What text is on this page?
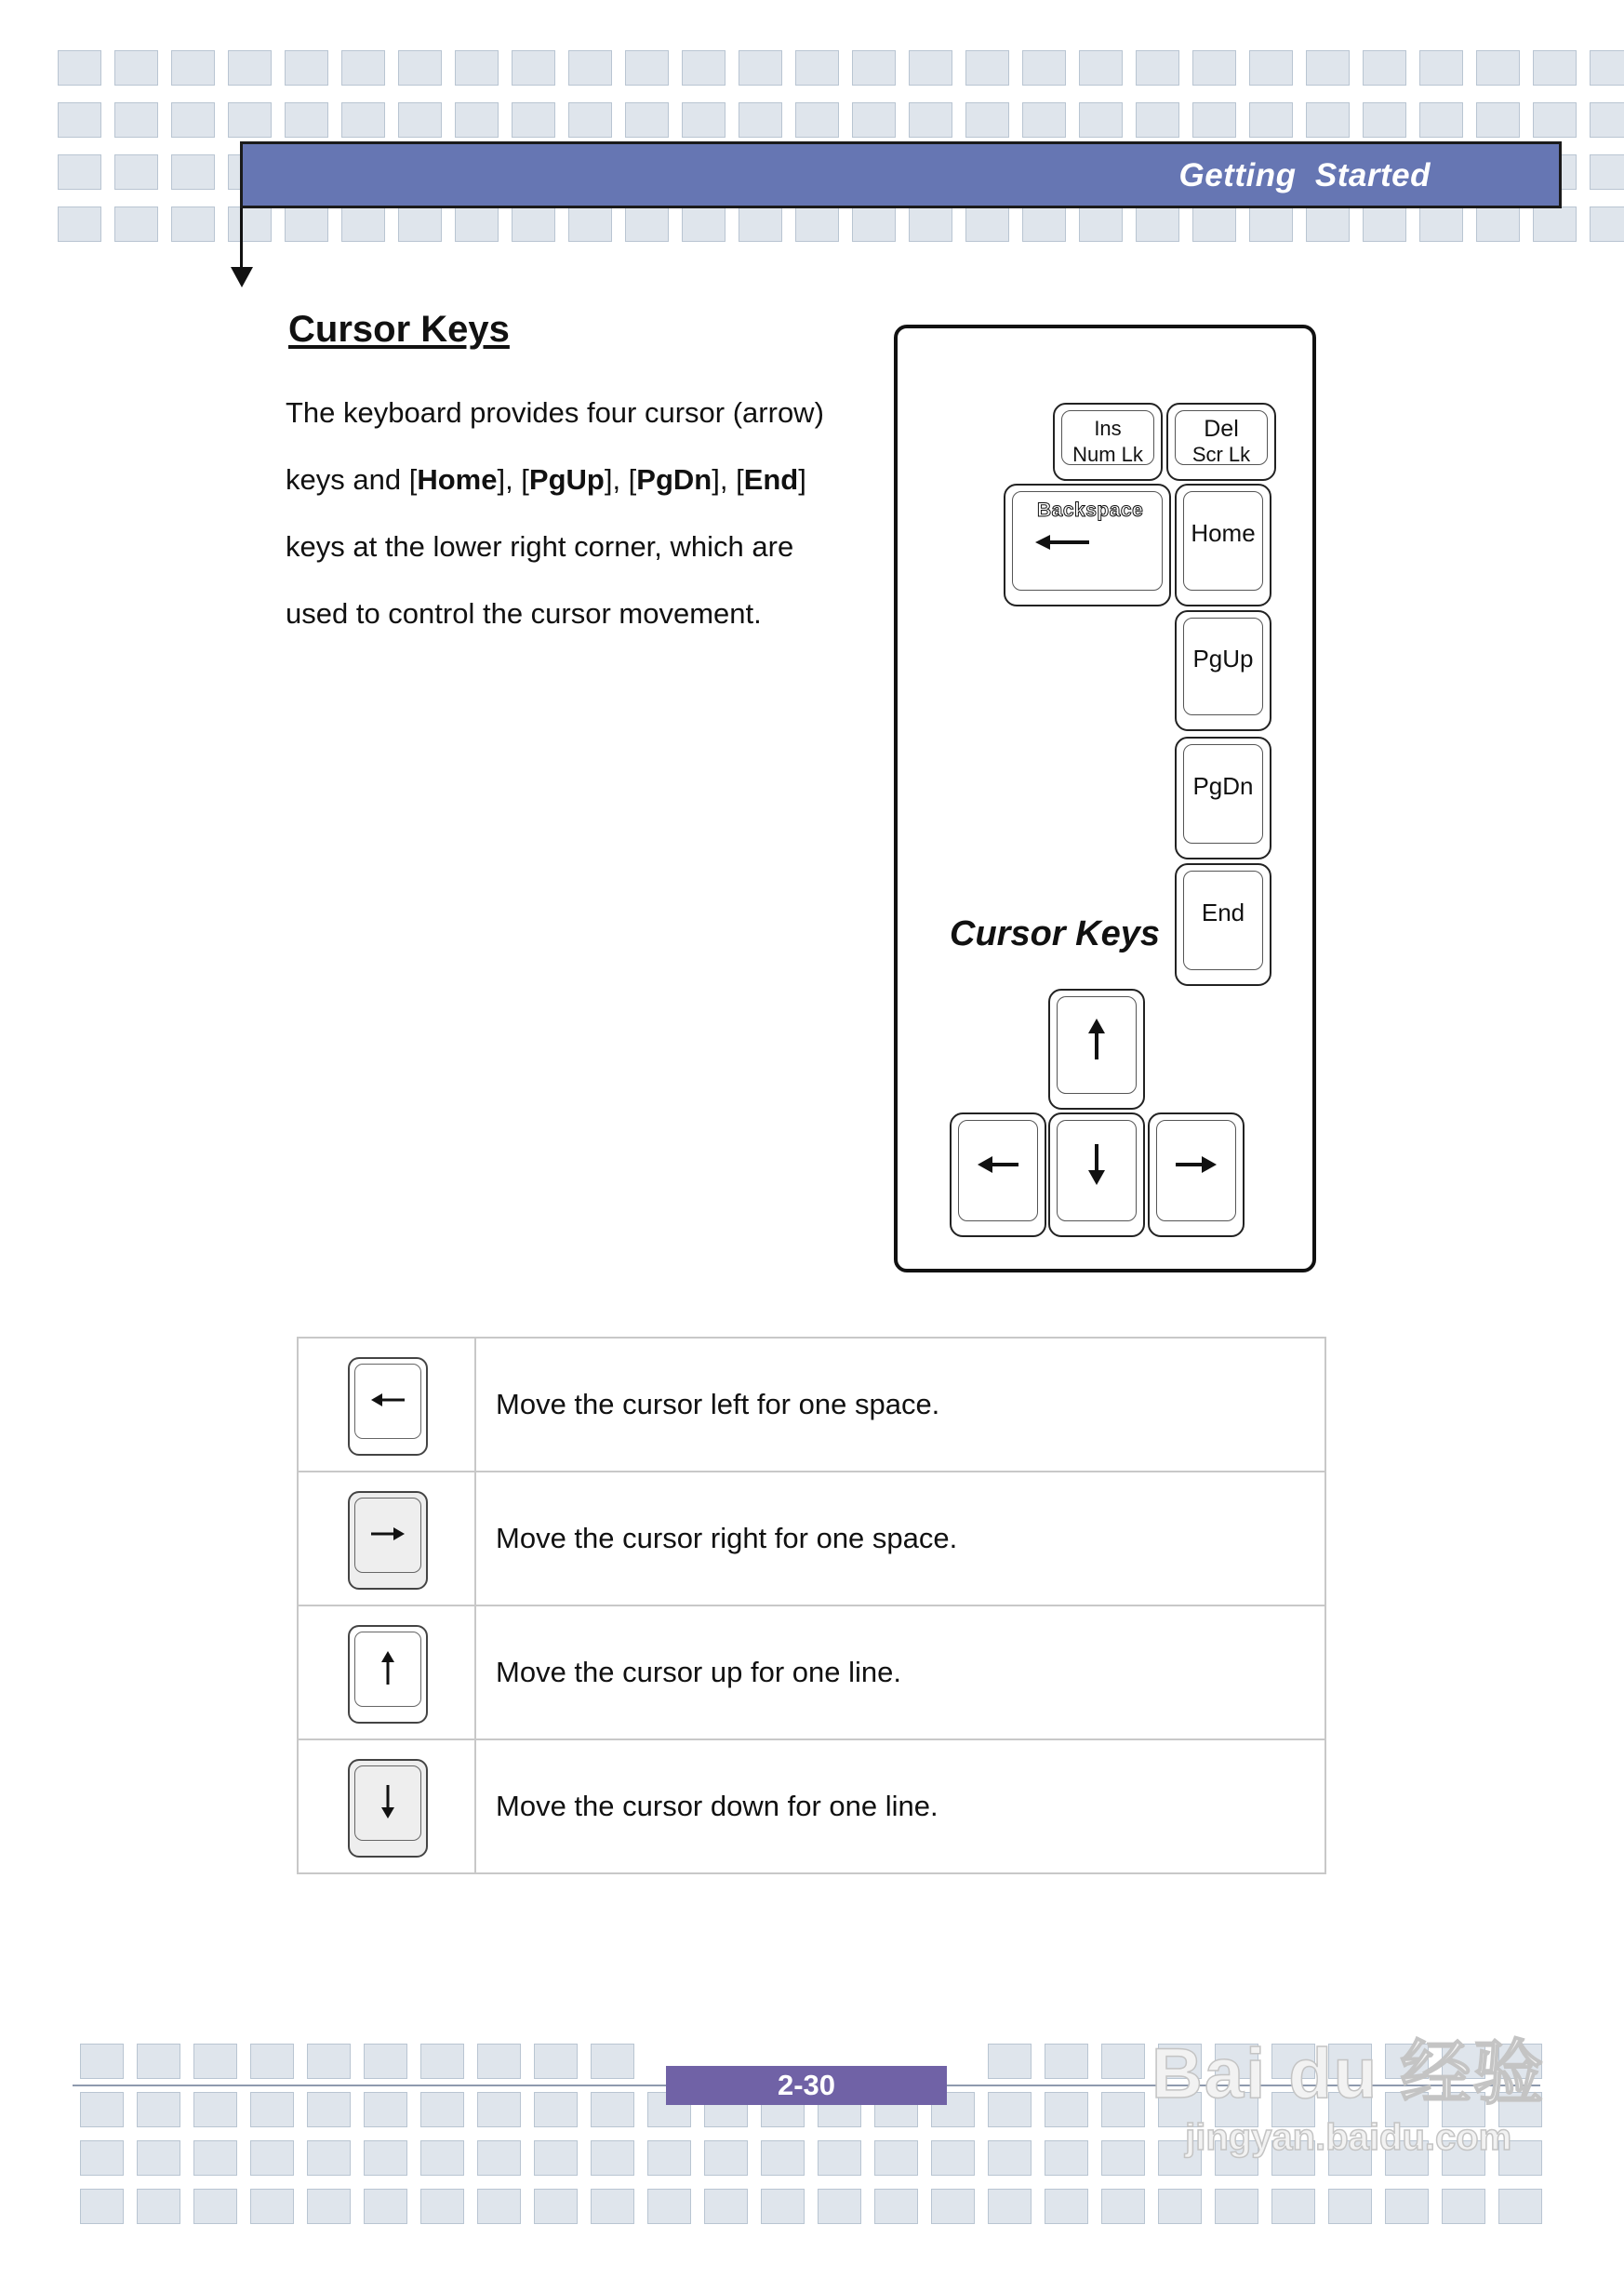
Getting  Started
Cursor Keys
The keyboard provides four cursor (arrow) keys and [Home], [PgUp], [PgDn], [End] keys at the lower right corner, which are used to control the cursor movement.
Ins
Num Lk
Del
Scr Lk
Backspace
Home
PgUp
PgDn
End
Cursor Keys
	Move the cursor left for one space.

	Move the cursor right for one space.

	Move the cursor up for one line.

	Move the cursor down for one line.
2-30	Bai du 经验
jingyan.baidu.com
